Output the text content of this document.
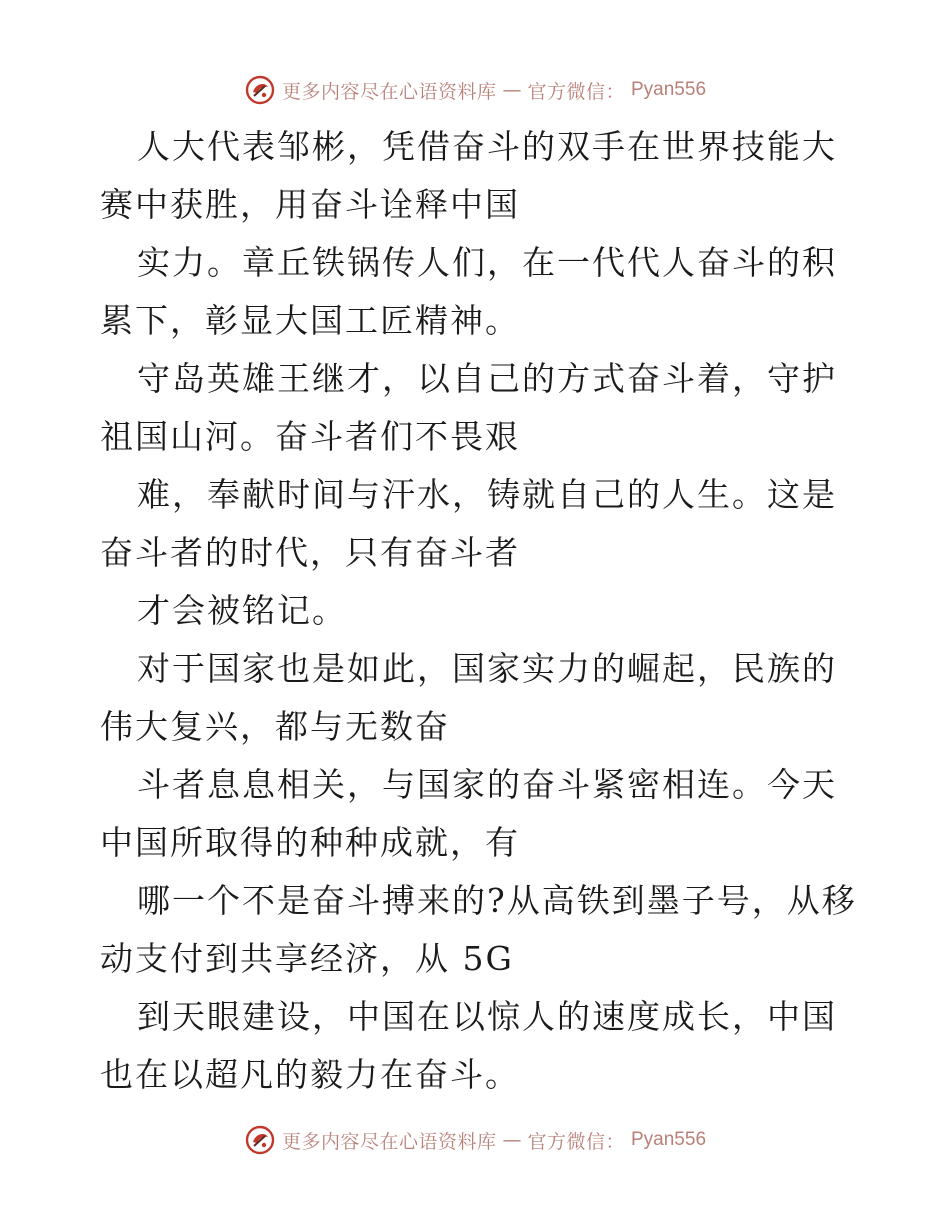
更多内容尽在心语资料库 — 官方微信： Pyan556

人大代表邹彬，凭借奋斗的双手在世界技能大赛中获胜，用奋斗诠释中国

实力。章丘铁锅传人们，在一代代人奋斗的积累下，彰显大国工匠精神。

守岛英雄王继才，以自己的方式奋斗着，守护祖国山河。奋斗者们不畏艰

难，奉献时间与汗水，铸就自己的人生。这是奋斗者的时代，只有奋斗者

才会被铭记。

对于国家也是如此，国家实力的崛起，民族的伟大复兴，都与无数奋

斗者息息相关，与国家的奋斗紧密相连。今天中国所取得的种种成就，有

哪一个不是奋斗搏来的?从高铁到墨子号，从移动支付到共享经济，从 5G

到天眼建设，中国在以惊人的速度成长，中国也在以超凡的毅力在奋斗。

更多内容尽在心语资料库 — 官方微信： Pyan556
